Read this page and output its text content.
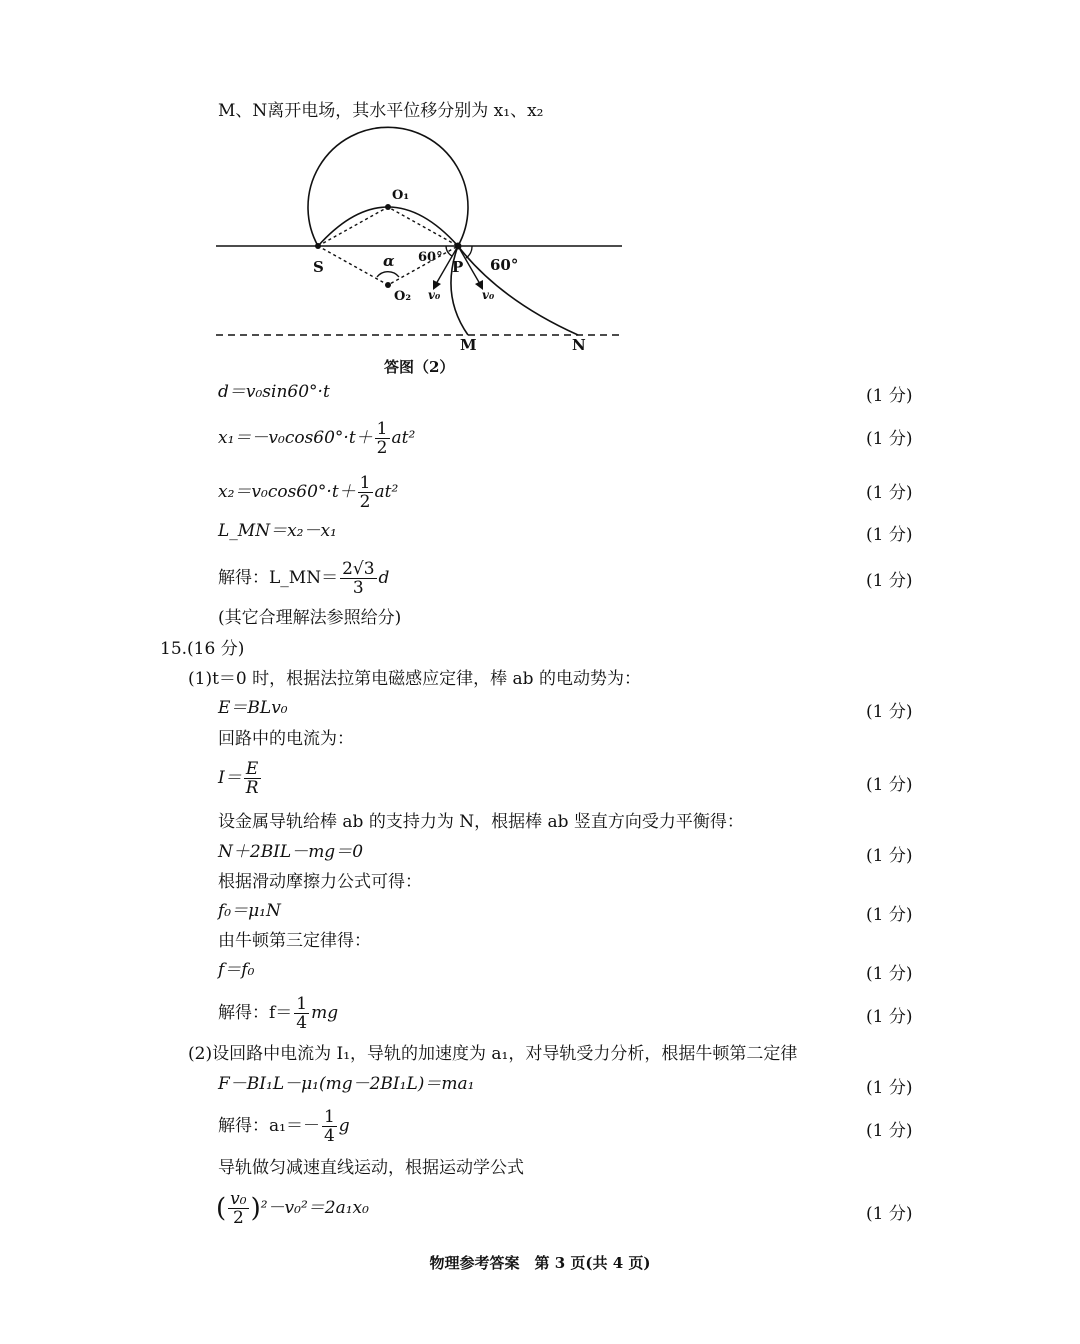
M、N离开电场，其水平位移分别为 x₁、x₂
S	P
O₁
O₂
α 60°	60°
v₀	v₀
M	N
答图（2）
d＝v₀sin60°·t	(1 分)
$x_1=-v_0\cos 60^\circ\cdot t+ \frac{1}{2} at^2$	(1 分)
$x_2=v_0\cos 60^\circ\cdot t+ \frac{1}{2} at^2$	(1 分)
L_MN＝x₂－x₁	(1 分)
解得：L_MN＝ $\frac{2√3}{3}$ d	(1 分)
(其它合理解法参照给分)
15.(16 分)
(1)t＝0 时，根据法拉第电磁感应定律，棒 ab 的电动势为：
E＝BLv₀	(1 分)
回路中的电流为：
$I= \frac{E}{R}$	(1 分)
设金属导轨给棒 ab 的支持力为 N，根据棒 ab 竖直方向受力平衡得：
N＋2BIL－mg＝0	(1 分)
根据滑动摩擦力公式可得：
f₀＝μ₁N	(1 分)
由牛顿第三定律得：
f＝f₀	(1 分)
解得：$f= \frac{1}{4}$ mg	(1 分)
(2)设回路中电流为 I₁，导轨的加速度为 a₁，对导轨受力分析，根据牛顿第二定律
F－BI₁L－μ₁(mg－2BI₁L)＝ma₁	(1 分)
解得：$a_1=- \frac{1}{4}$ g	(1 分)
导轨做匀减速直线运动，根据运动学公式
( $\frac{\text{v₀}}{2} )^2-v_0^2=2a_1x_0$	(1 分)
物理参考答案　第 3 页(共 4 页)
